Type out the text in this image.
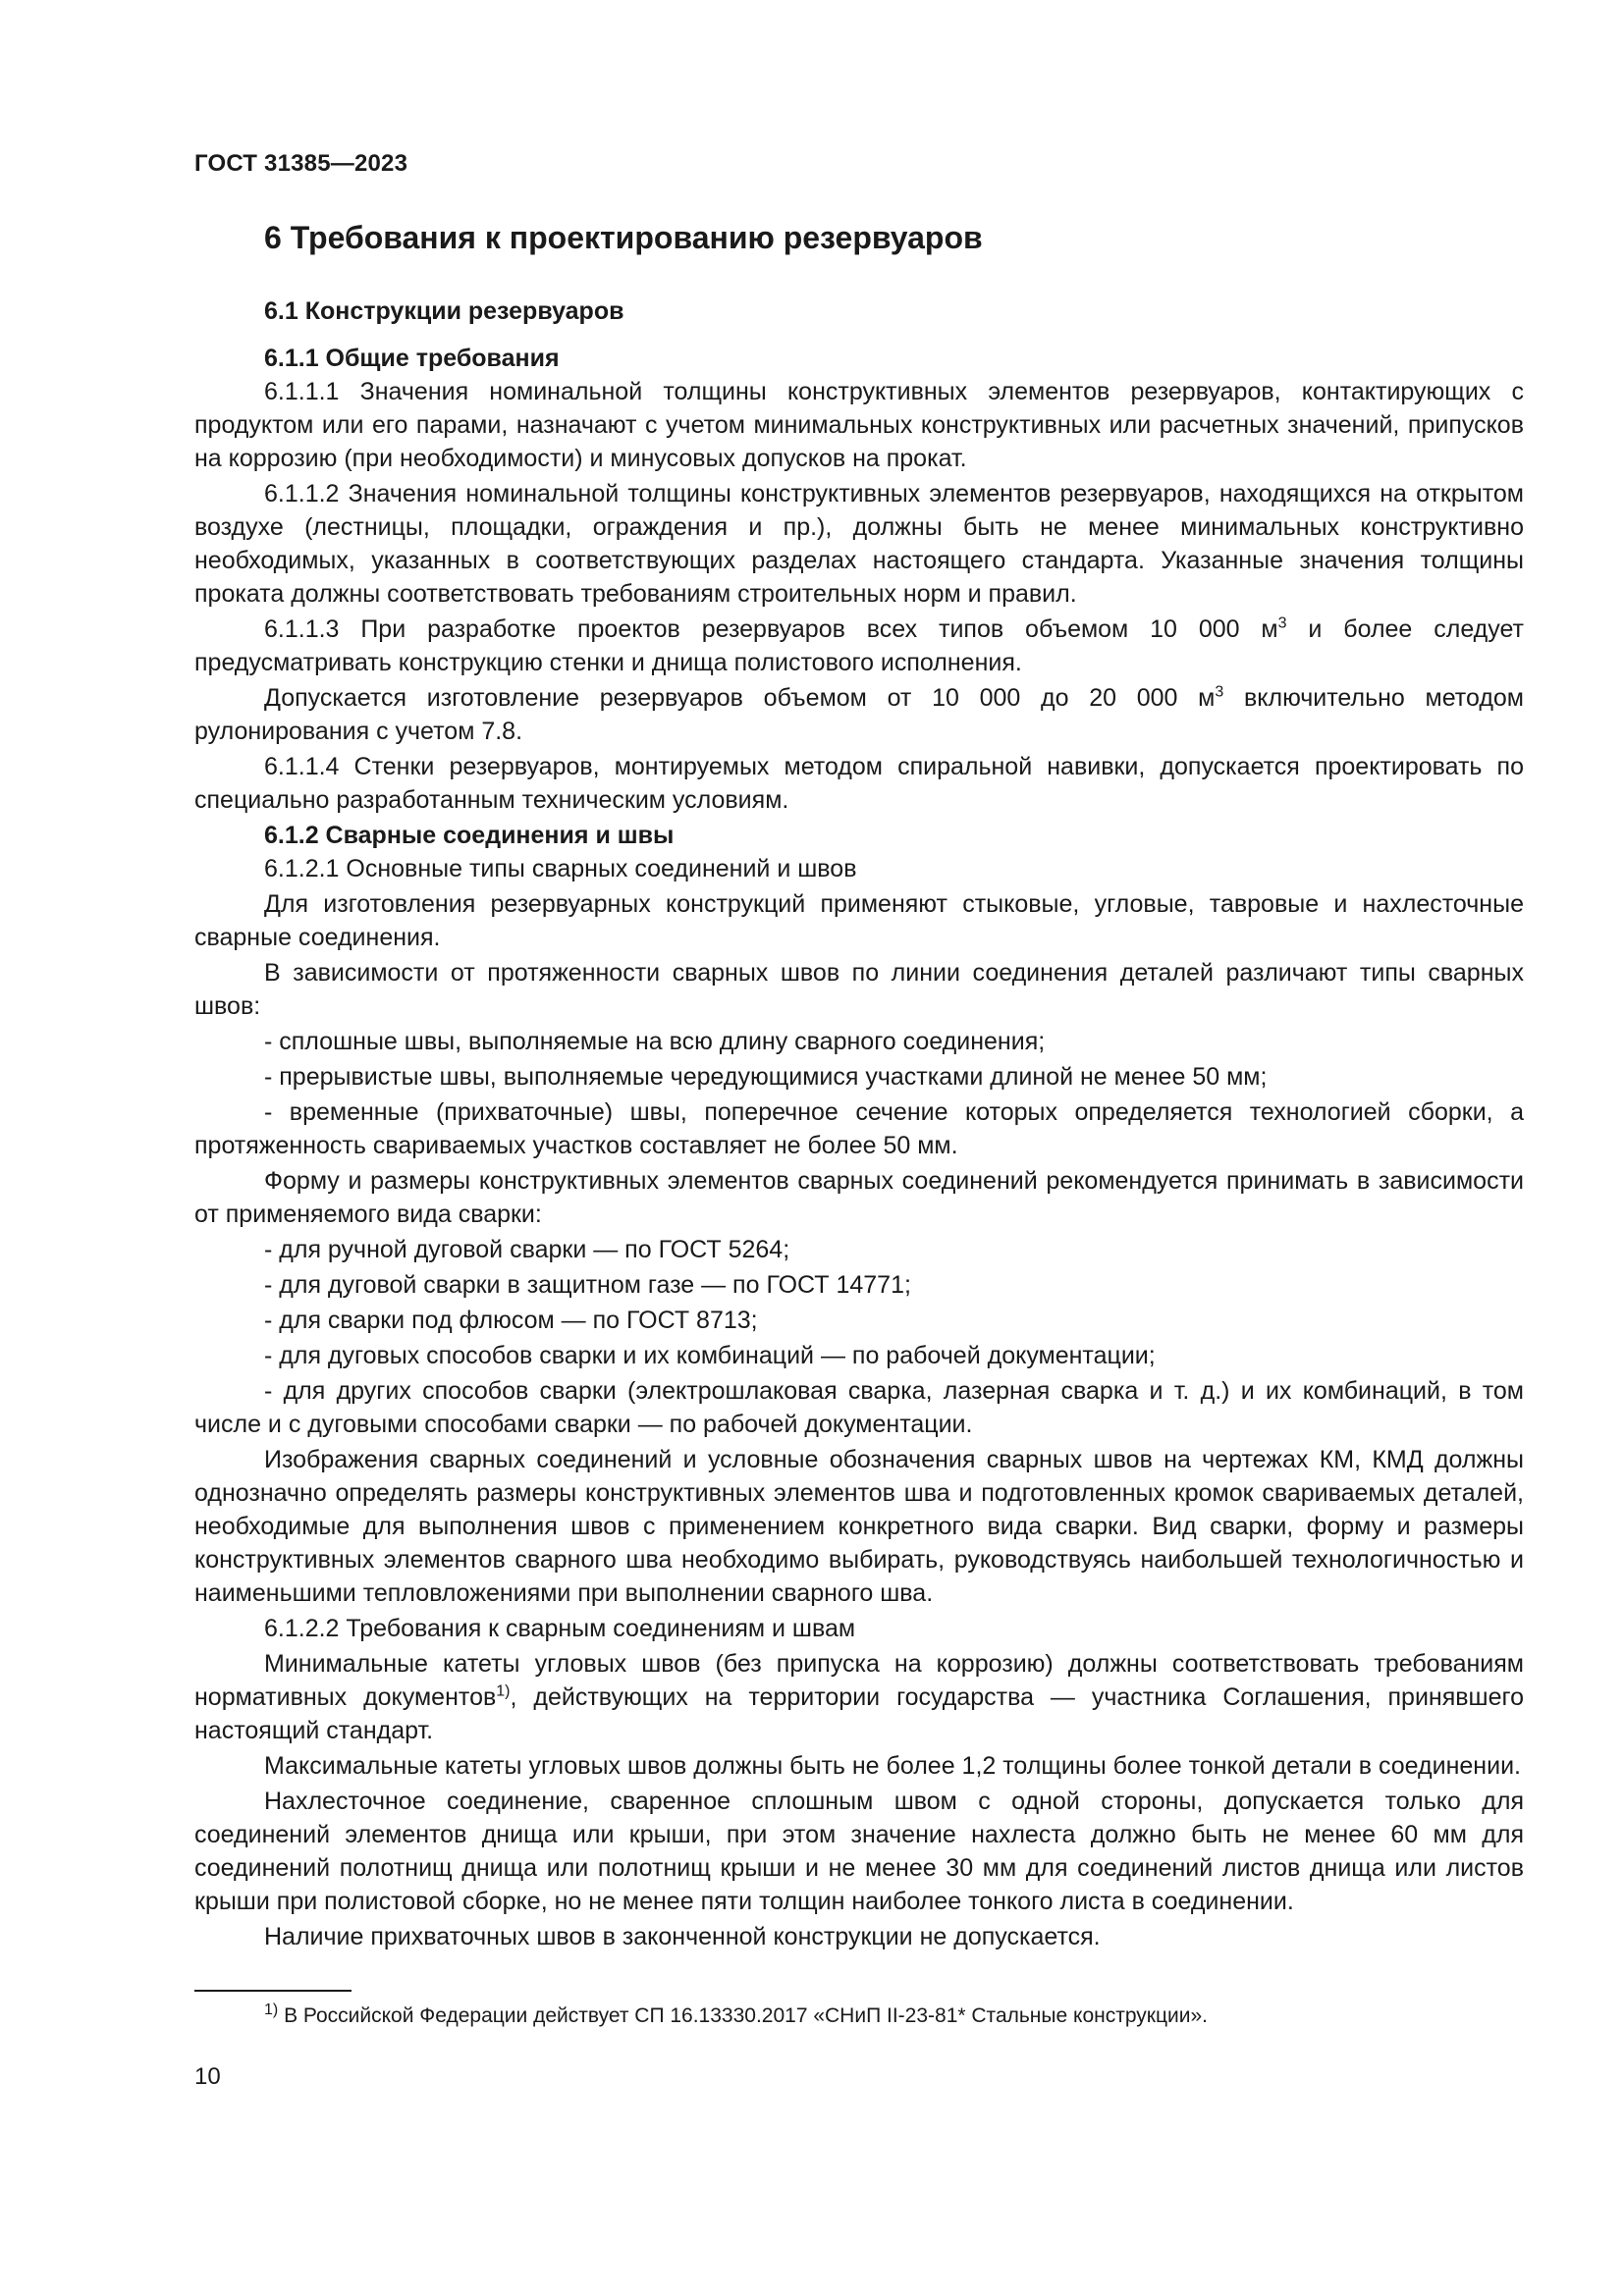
ГОСТ 31385—2023
6 Требования к проектированию резервуаров
6.1 Конструкции резервуаров
6.1.1 Общие требования
6.1.1.1 Значения номинальной толщины конструктивных элементов резервуаров, контактирующих с продуктом или его парами, назначают с учетом минимальных конструктивных или расчетных значений, припусков на коррозию (при необходимости) и минусовых допусков на прокат.
6.1.1.2 Значения номинальной толщины конструктивных элементов резервуаров, находящихся на открытом воздухе (лестницы, площадки, ограждения и пр.), должны быть не менее минимальных конструктивно необходимых, указанных в соответствующих разделах настоящего стандарта. Указанные значения толщины проката должны соответствовать требованиям строительных норм и правил.
6.1.1.3 При разработке проектов резервуаров всех типов объемом 10 000 $м^3$ и более следует предусматривать конструкцию стенки и днища полистового исполнения.
Допускается изготовление резервуаров объемом от 10 000 до 20 000 $м^3$ включительно методом рулонирования с учетом 7.8.
6.1.1.4 Стенки резервуаров, монтируемых методом спиральной навивки, допускается проектировать по специально разработанным техническим условиям.
6.1.2 Сварные соединения и швы
6.1.2.1 Основные типы сварных соединений и швов
Для изготовления резервуарных конструкций применяют стыковые, угловые, тавровые и нахлесточные сварные соединения.
В зависимости от протяженности сварных швов по линии соединения деталей различают типы сварных швов:
- сплошные швы, выполняемые на всю длину сварного соединения;
- прерывистые швы, выполняемые чередующимися участками длиной не менее 50 мм;
- временные (прихваточные) швы, поперечное сечение которых определяется технологией сборки, а протяженность свариваемых участков составляет не более 50 мм.
Форму и размеры конструктивных элементов сварных соединений рекомендуется принимать в зависимости от применяемого вида сварки:
- для ручной дуговой сварки — по ГОСТ 5264;
- для дуговой сварки в защитном газе — по ГОСТ 14771;
- для сварки под флюсом — по ГОСТ 8713;
- для дуговых способов сварки и их комбинаций — по рабочей документации;
- для других способов сварки (электрошлаковая сварка, лазерная сварка и т. д.) и их комбинаций, в том числе и с дуговыми способами сварки — по рабочей документации.
Изображения сварных соединений и условные обозначения сварных швов на чертежах КМ, КМД должны однозначно определять размеры конструктивных элементов шва и подготовленных кромок свариваемых деталей, необходимые для выполнения швов с применением конкретного вида сварки. Вид сварки, форму и размеры конструктивных элементов сварного шва необходимо выбирать, руководствуясь наибольшей технологичностью и наименьшими тепловложениями при выполнении сварного шва.
6.1.2.2 Требования к сварным соединениям и швам
Минимальные катеты угловых швов (без припуска на коррозию) должны соответствовать требованиям нормативных документов$^{1)}$, действующих на территории государства — участника Соглашения, принявшего настоящий стандарт.
Максимальные катеты угловых швов должны быть не более 1,2 толщины более тонкой детали в соединении.
Нахлесточное соединение, сваренное сплошным швом с одной стороны, допускается только для соединений элементов днища или крыши, при этом значение нахлеста должно быть не менее 60 мм для соединений полотнищ днища или полотнищ крыши и не менее 30 мм для соединений листов днища или листов крыши при полистовой сборке, но не менее пяти толщин наиболее тонкого листа в соединении.
Наличие прихваточных швов в законченной конструкции не допускается.
$^{1)}$ В Российской Федерации действует СП 16.13330.2017 «СНиП II-23-81* Стальные конструкции».
10
